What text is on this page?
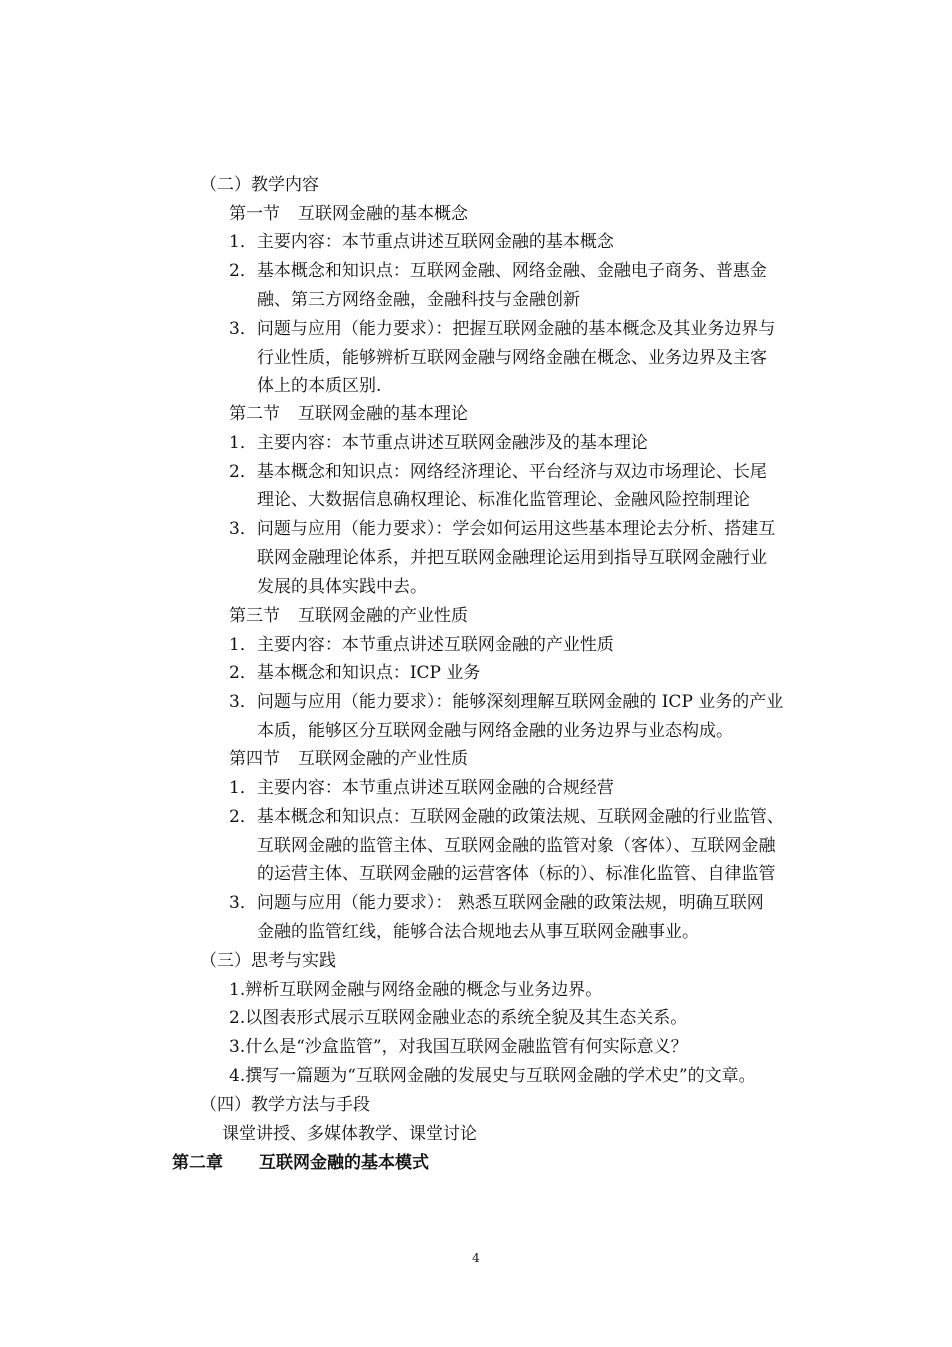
（二）教学内容
第一节 互联网金融的基本概念
1．主要内容：本节重点讲述互联网金融的基本概念
2．基本概念和知识点：互联网金融、网络金融、金融电子商务、普惠金
融、第三方网络金融，金融科技与金融创新
3．问题与应用（能力要求）：把握互联网金融的基本概念及其业务边界与
行业性质，能够辨析互联网金融与网络金融在概念、业务边界及主客
体上的本质区别.
第二节 互联网金融的基本理论
1．主要内容：本节重点讲述互联网金融涉及的基本理论
2．基本概念和知识点：网络经济理论、平台经济与双边市场理论、长尾
理论、大数据信息确权理论、标准化监管理论、金融风险控制理论
3．问题与应用（能力要求）：学会如何运用这些基本理论去分析、搭建互
联网金融理论体系，并把互联网金融理论运用到指导互联网金融行业
发展的具体实践中去。
第三节 互联网金融的产业性质
1．主要内容：本节重点讲述互联网金融的产业性质
2．基本概念和知识点：ICP 业务
3．问题与应用（能力要求）：能够深刻理解互联网金融的 ICP 业务的产业
本质，能够区分互联网金融与网络金融的业务边界与业态构成。
第四节 互联网金融的产业性质
1．主要内容：本节重点讲述互联网金融的合规经营
2．基本概念和知识点：互联网金融的政策法规、互联网金融的行业监管、
互联网金融的监管主体、互联网金融的监管对象（客体）、互联网金融
的运营主体、互联网金融的运营客体（标的）、标准化监管、自律监管
3．问题与应用（能力要求）： 熟悉互联网金融的政策法规，明确互联网
金融的监管红线，能够合法合规地去从事互联网金融事业。
（三）思考与实践
1.辨析互联网金融与网络金融的概念与业务边界。
2.以图表形式展示互联网金融业态的系统全貌及其生态关系。
3.什么是“沙盒监管”，对我国互联网金融监管有何实际意义？
4.撰写一篇题为“互联网金融的发展史与互联网金融的学术史”的文章。
（四）教学方法与手段
课堂讲授、多媒体教学、课堂讨论
第二章 互联网金融的基本模式
4
